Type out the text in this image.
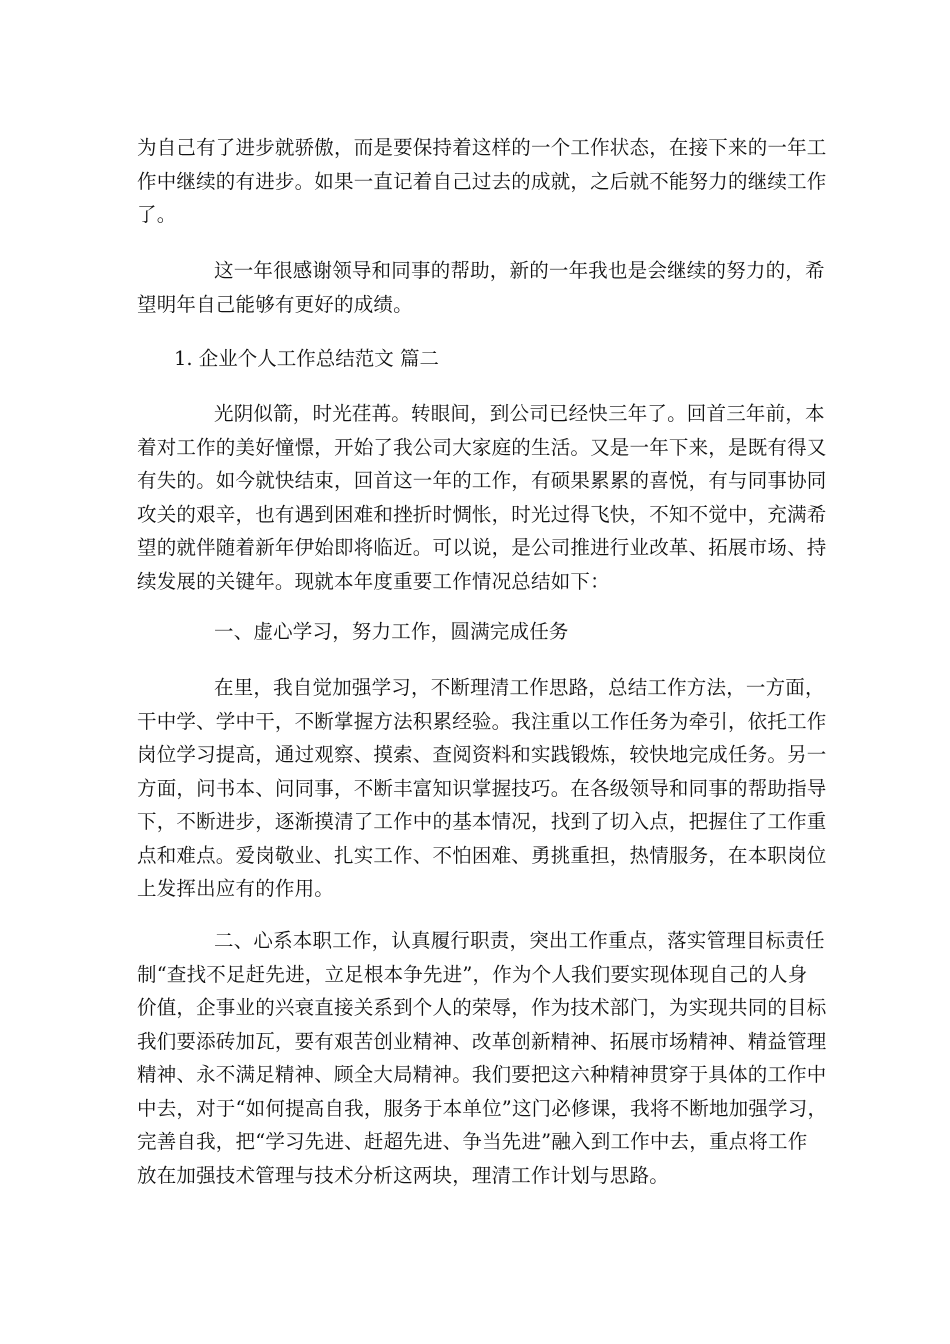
为自己有了进步就骄傲，而是要保持着这样的一个工作状态，在接下来的一年工
作中继续的有进步。如果一直记着自己过去的成就，之后就不能努力的继续工作
了。

这一年很感谢领导和同事的帮助，新的一年我也是会继续的努力的，希
望明年自己能够有更好的成绩。

1. 企业个人工作总结范文 篇二

光阴似箭，时光荏苒。转眼间，到公司已经快三年了。回首三年前，本
着对工作的美好憧憬，开始了我公司大家庭的生活。又是一年下来，是既有得又
有失的。如今就快结束，回首这一年的工作，有硕果累累的喜悦，有与同事协同
攻关的艰辛，也有遇到困难和挫折时惆怅，时光过得飞快，不知不觉中，充满希
望的就伴随着新年伊始即将临近。可以说，是公司推进行业改革、拓展市场、持
续发展的关键年。现就本年度重要工作情况总结如下：

一、虚心学习，努力工作，圆满完成任务

在里，我自觉加强学习，不断理清工作思路，总结工作方法，一方面，
干中学、学中干，不断掌握方法积累经验。我注重以工作任务为牵引，依托工作
岗位学习提高，通过观察、摸索、查阅资料和实践锻炼，较快地完成任务。另一
方面，问书本、问同事，不断丰富知识掌握技巧。在各级领导和同事的帮助指导
下，不断进步，逐渐摸清了工作中的基本情况，找到了切入点，把握住了工作重
点和难点。爱岗敬业、扎实工作、不怕困难、勇挑重担，热情服务，在本职岗位
上发挥出应有的作用。

二、心系本职工作，认真履行职责，突出工作重点，落实管理目标责任
制“查找不足赶先进，立足根本争先进”，作为个人我们要实现体现自己的人身
价值，企事业的兴衰直接关系到个人的荣辱，作为技术部门，为实现共同的目标
我们要添砖加瓦，要有艰苦创业精神、改革创新精神、拓展市场精神、精益管理
精神、永不满足精神、顾全大局精神。我们要把这六种精神贯穿于具体的工作中
中去，对于“如何提高自我，服务于本单位”这门必修课，我将不断地加强学习，
完善自我，把“学习先进、赶超先进、争当先进”融入到工作中去，重点将工作
放在加强技术管理与技术分析这两块，理清工作计划与思路。
